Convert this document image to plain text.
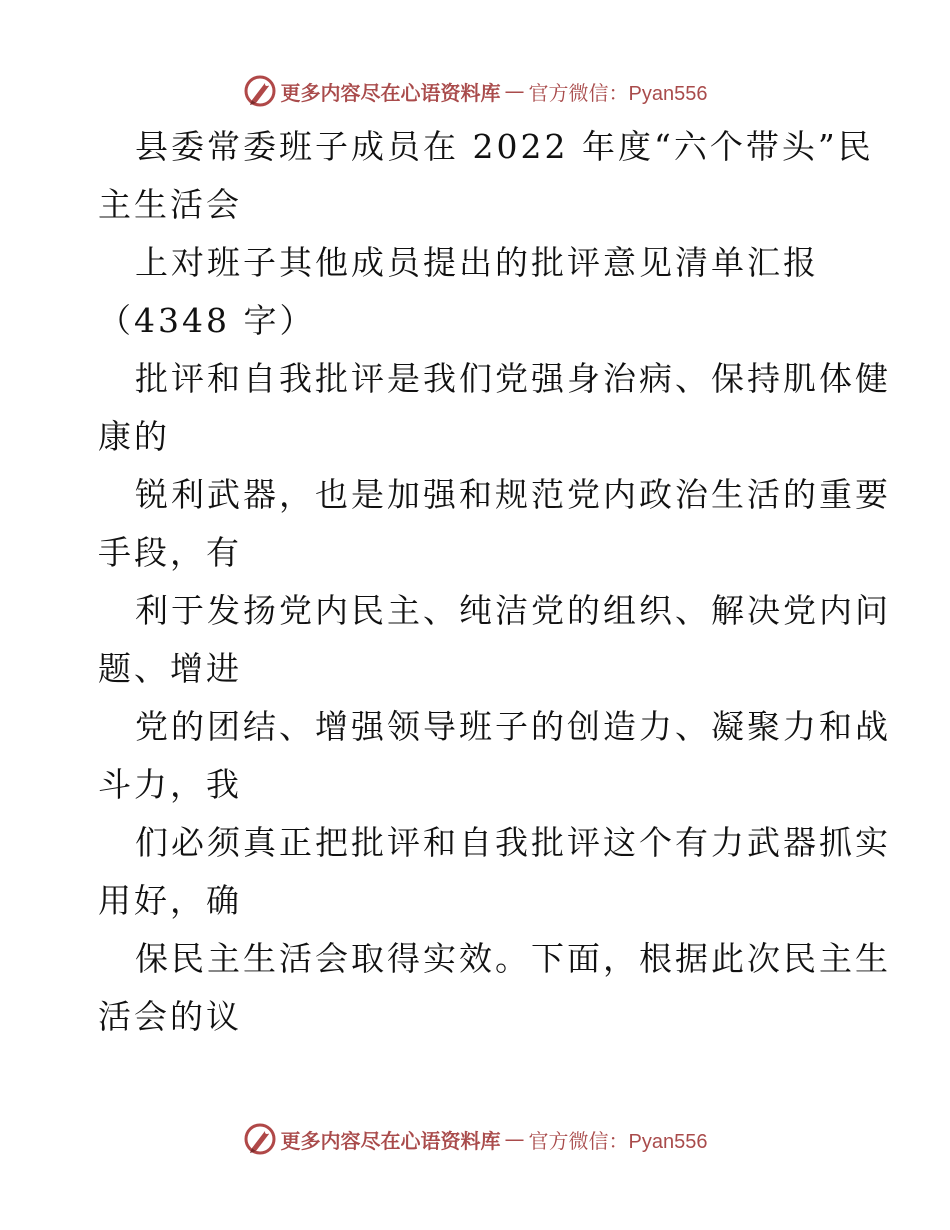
更多内容尽在心语资料库 — 官方微信：Pyan556
县委常委班子成员在 2022 年度“六个带头”民
主生活会
上对班子其他成员提出的批评意见清单汇报
（4348 字）
批评和自我批评是我们党强身治病、保持肌体健
康的
锐利武器，也是加强和规范党内政治生活的重要
手段，有
利于发扬党内民主、纯洁党的组织、解决党内问
题、增进
党的团结、增强领导班子的创造力、凝聚力和战
斗力，我
们必须真正把批评和自我批评这个有力武器抓实
用好，确
保民主生活会取得实效。下面，根据此次民主生
活会的议
更多内容尽在心语资料库 — 官方微信：Pyan556
